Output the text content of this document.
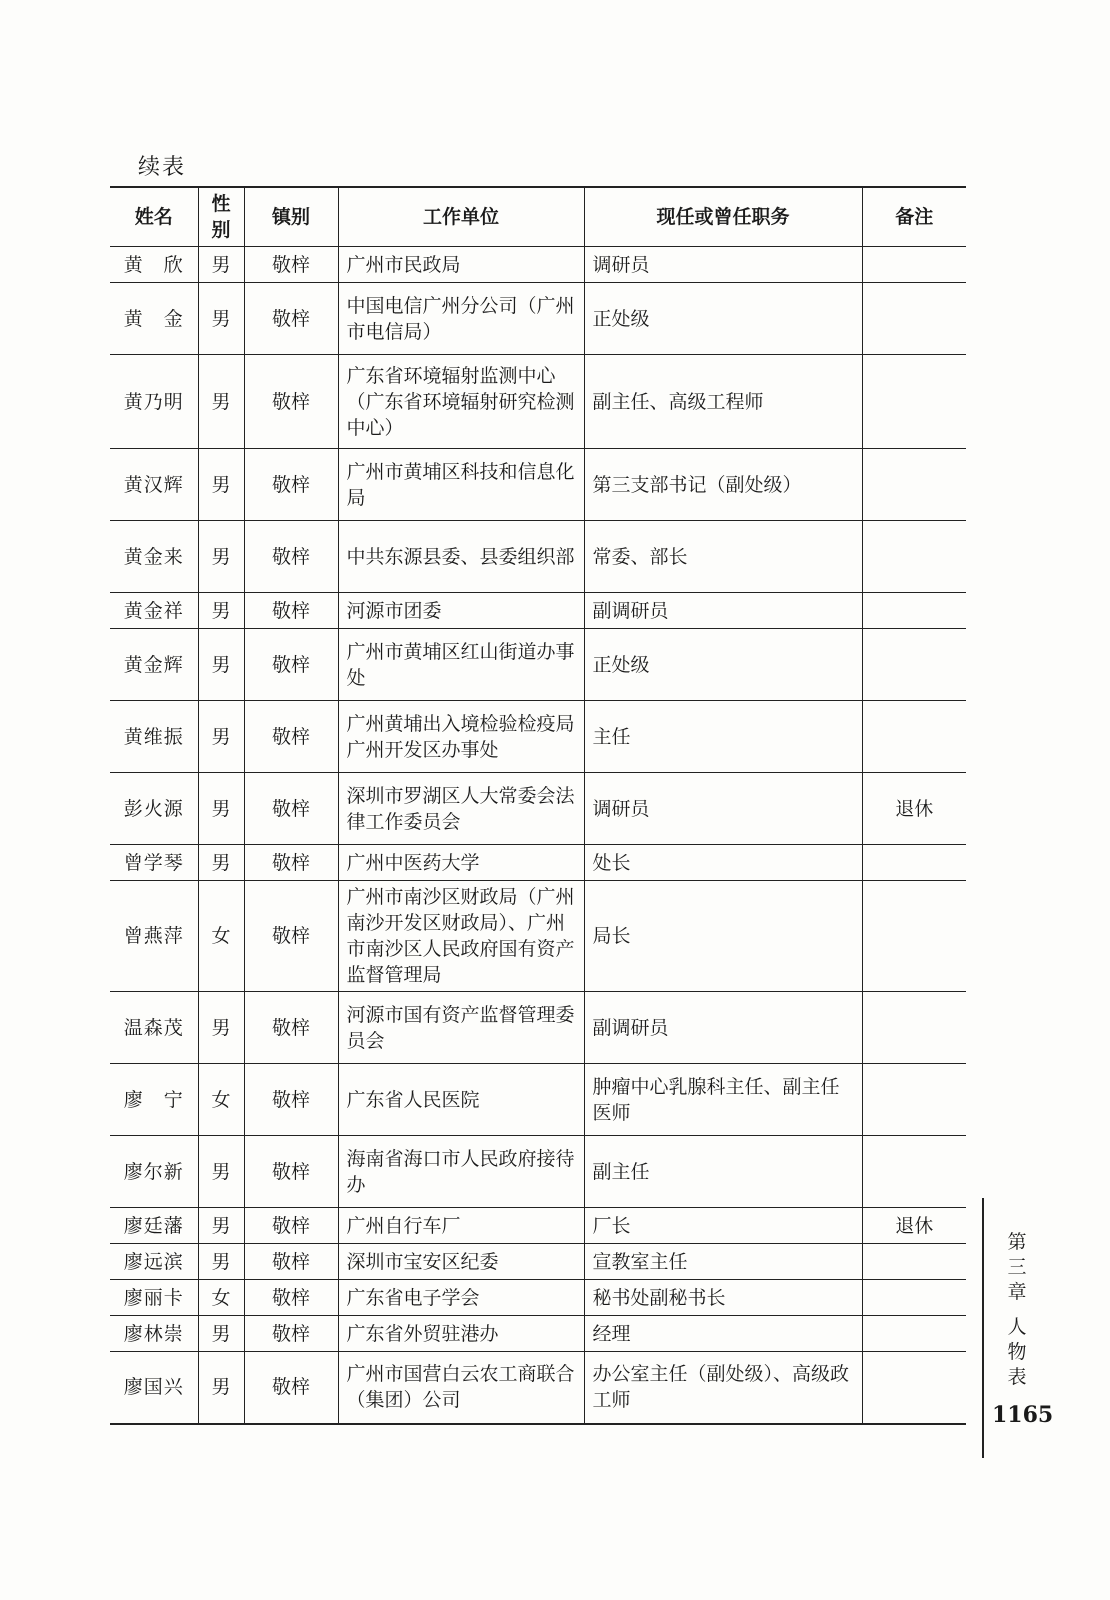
续表
姓名	性别	镇别	工作单位	现任或曾任职务	备注
黄　欣	男	敬梓	广州市民政局	调研员	
黄　金	男	敬梓	中国电信广州分公司（广州市电信局）	正处级	
黄乃明	男	敬梓	广东省环境辐射监测中心（广东省环境辐射研究检测中心）	副主任、高级工程师	
黄汉辉	男	敬梓	广州市黄埔区科技和信息化局	第三支部书记（副处级）	
黄金来	男	敬梓	中共东源县委、县委组织部	常委、部长	
黄金祥	男	敬梓	河源市团委	副调研员	
黄金辉	男	敬梓	广州市黄埔区红山街道办事处	正处级	
黄维振	男	敬梓	广州黄埔出入境检验检疫局广州开发区办事处	主任	
彭火源	男	敬梓	深圳市罗湖区人大常委会法律工作委员会	调研员	退休
曾学琴	男	敬梓	广州中医药大学	处长	
曾燕萍	女	敬梓	广州市南沙区财政局（广州南沙开发区财政局）、广州市南沙区人民政府国有资产监督管理局	局长	
温森茂	男	敬梓	河源市国有资产监督管理委员会	副调研员	
廖　宁	女	敬梓	广东省人民医院	肿瘤中心乳腺科主任、副主任医师	
廖尔新	男	敬梓	海南省海口市人民政府接待办	副主任	
廖廷藩	男	敬梓	广州自行车厂	厂长	退休
廖远滨	男	敬梓	深圳市宝安区纪委	宣教室主任	
廖丽卡	女	敬梓	广东省电子学会	秘书处副秘书长	
廖林崇	男	敬梓	广东省外贸驻港办	经理	
廖国兴	男	敬梓	广州市国营白云农工商联合（集团）公司	办公室主任（副处级）、高级政工师	
第
三
章
人
物
表
1165
